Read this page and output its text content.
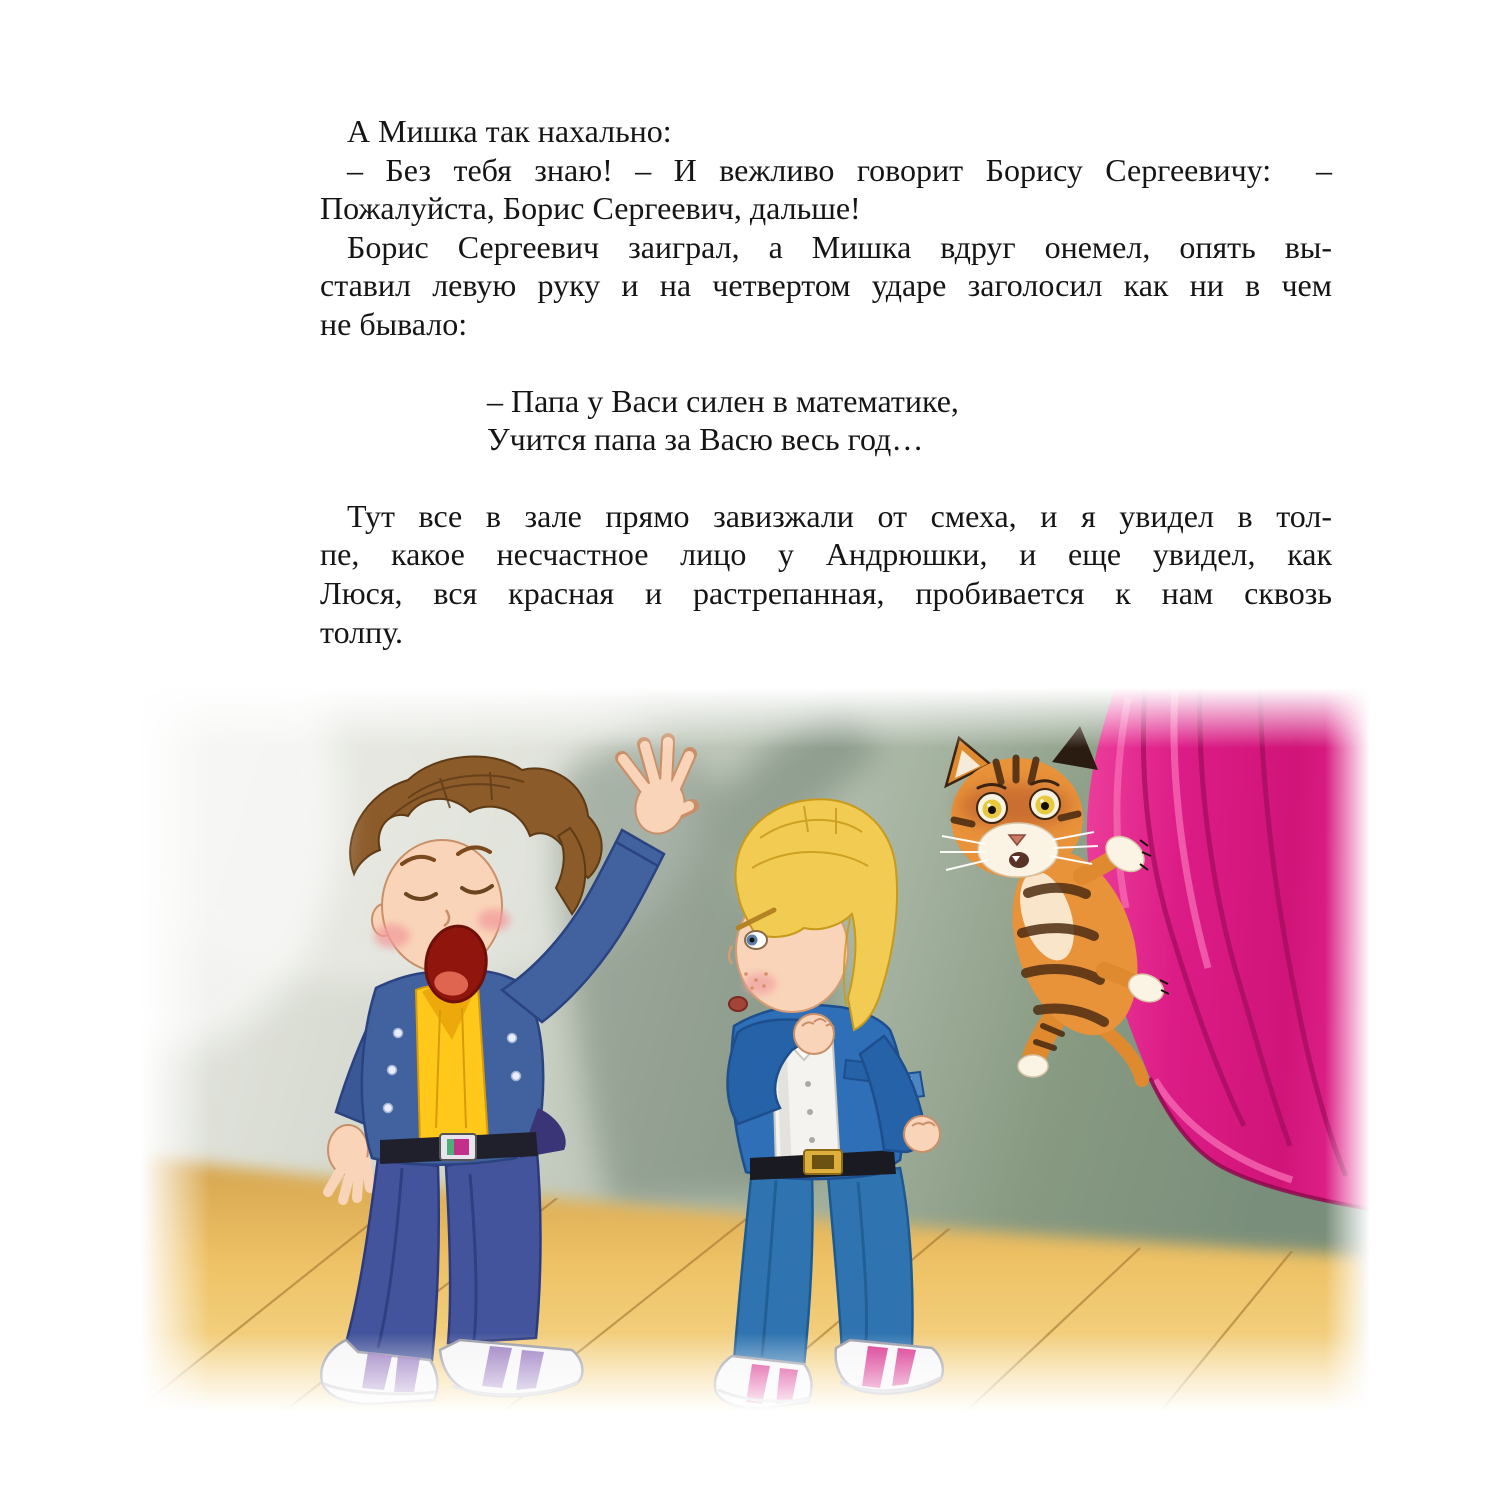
А Мишка так нахально:
– Без тебя знаю! – И вежливо говорит Борису Сергеевичу:  –
Пожалуйста, Борис Сергеевич, дальше!
Борис Сергеевич заиграл, а Мишка вдруг онемел, опять вы-
ставил левую руку и на четвертом ударе заголосил как ни в чем
не бывало:
– Папа у Васи силен в математике,
Учится папа за Васю весь год…
Тут все в зале прямо завизжали от смеха, и я увидел в тол-
пе, какое несчастное лицо у Андрюшки, и еще увидел, как
Люся, вся красная и растрепанная, пробивается к нам сквозь
толпу.
